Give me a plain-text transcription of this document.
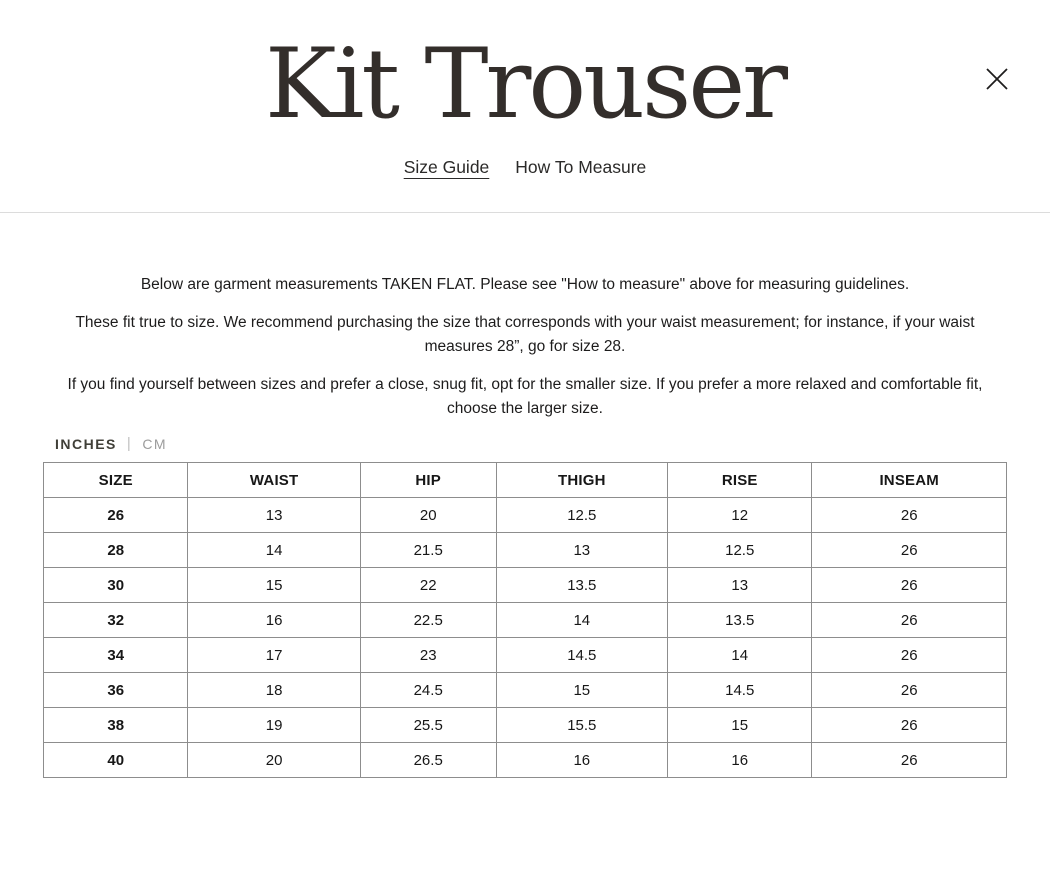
Kit Trouser
Size Guide How To Measure

Below are garment measurements TAKEN FLAT. Please see "How to measure" above for measuring guidelines.

These fit true to size. We recommend purchasing the size that corresponds with your waist measurement; for instance, if your waist measures 28”, go for size 28.

If you find yourself between sizes and prefer a close, snug fit, opt for the smaller size. If you prefer a more relaxed and comfortable fit, choose the larger size.

INCHES | CM
SIZE	WAIST	HIP	THIGH	RISE	INSEAM
26	13	20	12.5	12	26
28	14	21.5	13	12.5	26
30	15	22	13.5	13	26
32	16	22.5	14	13.5	26
34	17	23	14.5	14	26
36	18	24.5	15	14.5	26
38	19	25.5	15.5	15	26
40	20	26.5	16	16	26
